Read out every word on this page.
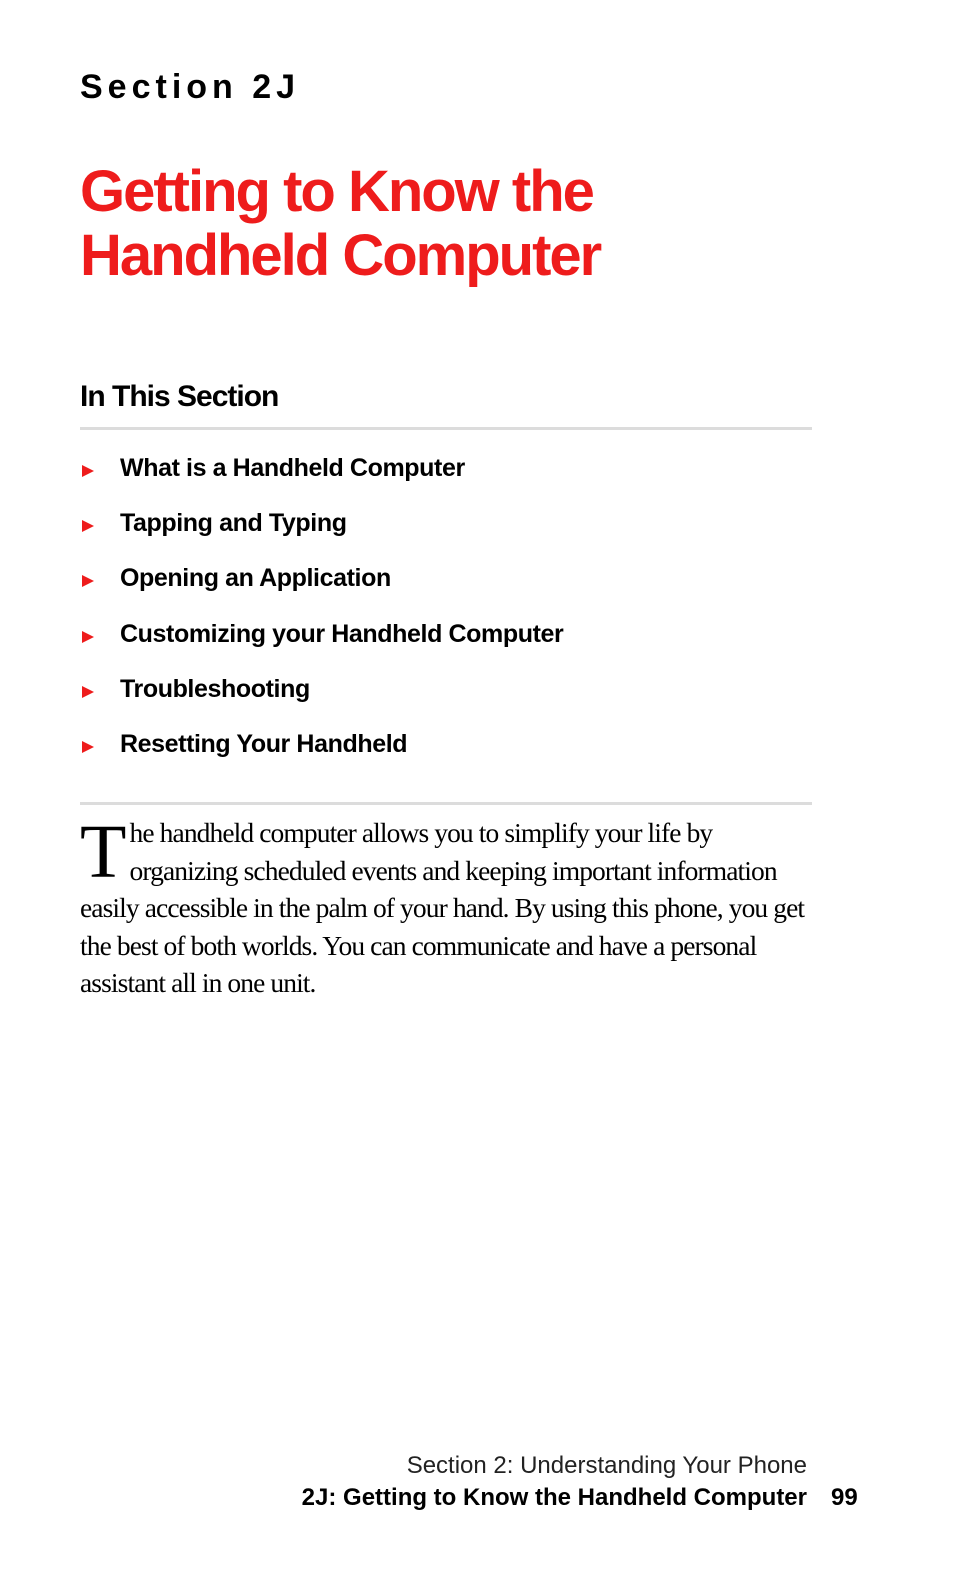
Section 2J
Getting to Know the Handheld Computer
In This Section
What is a Handheld Computer
Tapping and Typing
Opening an Application
Customizing your Handheld Computer
Troubleshooting
Resetting Your Handheld

The handheld computer allows you to simplify your life by organizing scheduled events and keeping important information easily accessible in the palm of your hand. By using this phone, you get the best of both worlds. You can communicate and have a personal assistant all in one unit.

Section 2: Understanding Your Phone
2J: Getting to Know the Handheld Computer 99
